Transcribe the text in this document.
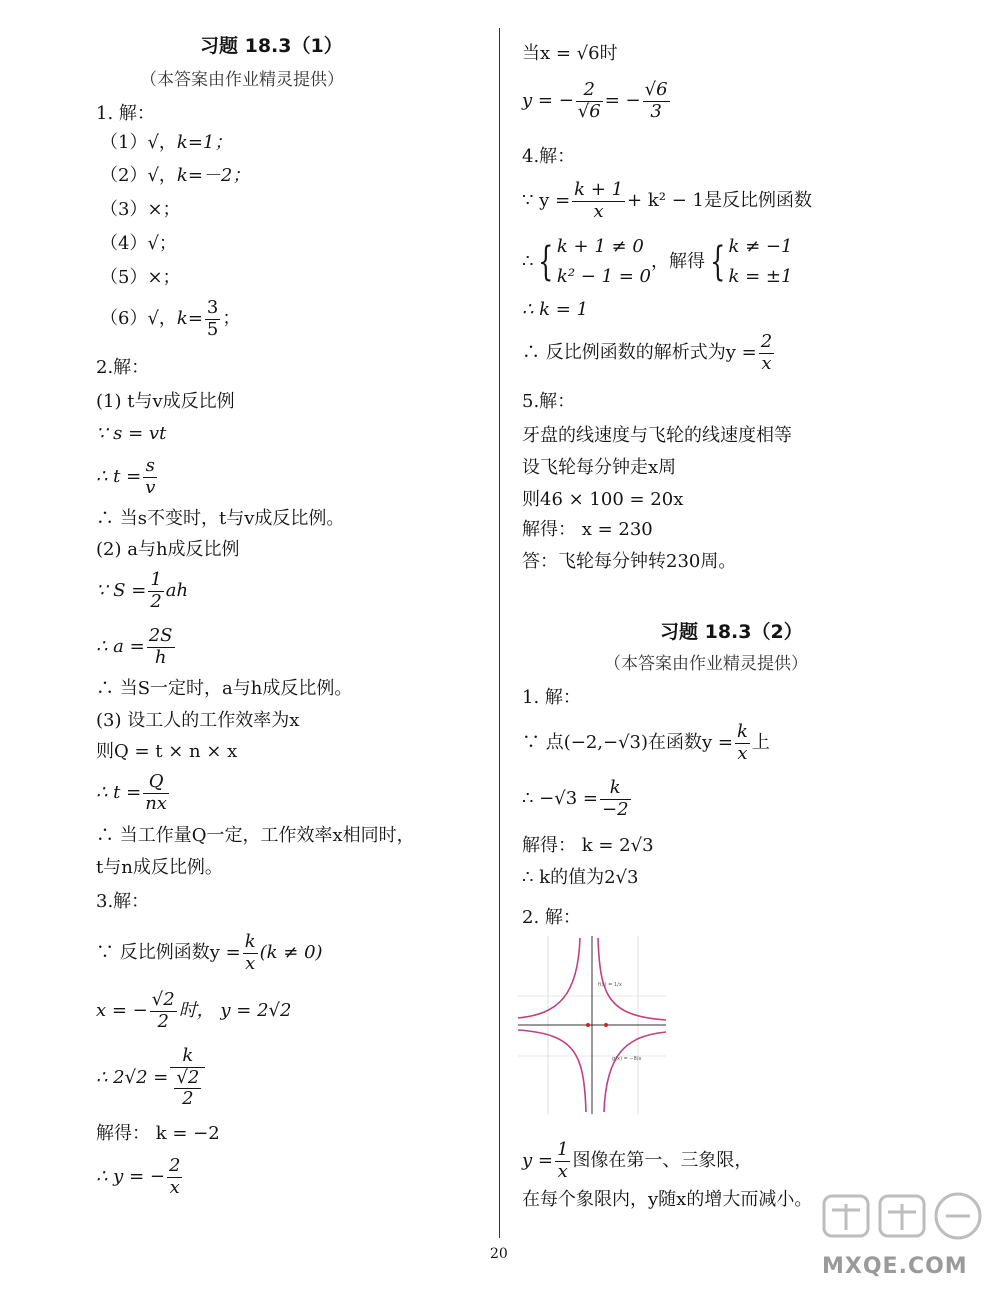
习题 18.3（1）
（本答案由作业精灵提供）
1. 解：
（1）√，k=1；
（2）√，k=－2；
（3）×；
（4）√；
（5）×；
（6）√，$k= \frac{3}{5}$ ；
2.解：
(1) t与v成反比例
∵ s = vt
∴ $t = \frac{s}{v}$
∴ 当s不变时，t与v成反比例。
(2) a与h成反比例
∵ $S = \frac{1}{2}$ ah
∴ $a = \frac{2S}{h}$
∴ 当S一定时，a与h成反比例。
(3) 设工人的工作效率为x
则Q = t × n × x
∴ $t = \frac{Q}{nx}$
∴ 当工作量Q一定，工作效率x相同时，
t与n成反比例。
3.解：
∵ 反比例函数$y = \frac{k}{x} (k \ne 0)$
x = − $\frac{√2}{2}$ 时， y = 2√2
∴ $2√2 = \frac{k}{\frac{√2}{2}}$
解得： k = −2
∴ y = − $\frac{2}{x}$
当x = √6时
y = − $\frac{2}{√6}$ = − $\frac{√6}{3}$
4.解：
∵ $y = \frac{k + 1}{x} + k^2 - 1$是反比例函数
∴ { k + 1 ≠ 0
k² − 1 = 0
，解得 { k ≠ −1
k = ±1
∴ k = 1
∴ 反比例函数的解析式为$y = \frac{2}{x}$
5.解：
牙盘的线速度与飞轮的线速度相等
设飞轮每分钟走x周
则46 × 100 = 20x
解得： x = 230
答：飞轮每分钟转230周。
习题 18.3（2）
（本答案由作业精灵提供）
1. 解：
∵ 点(−2,−√3)在函数$y = \frac{k}{x}$ 上
∴ $-√3 = \frac{k}{-2}$
解得： k = 2√3
∴ k的值为2√3
2. 解：
$y = \frac{1}{x}$ 图像在第一、三象限，
在每个象限内，y随x的增大而减小。
f(x) = 1/x
g(x) = −8/x
20	MXQE.COM
